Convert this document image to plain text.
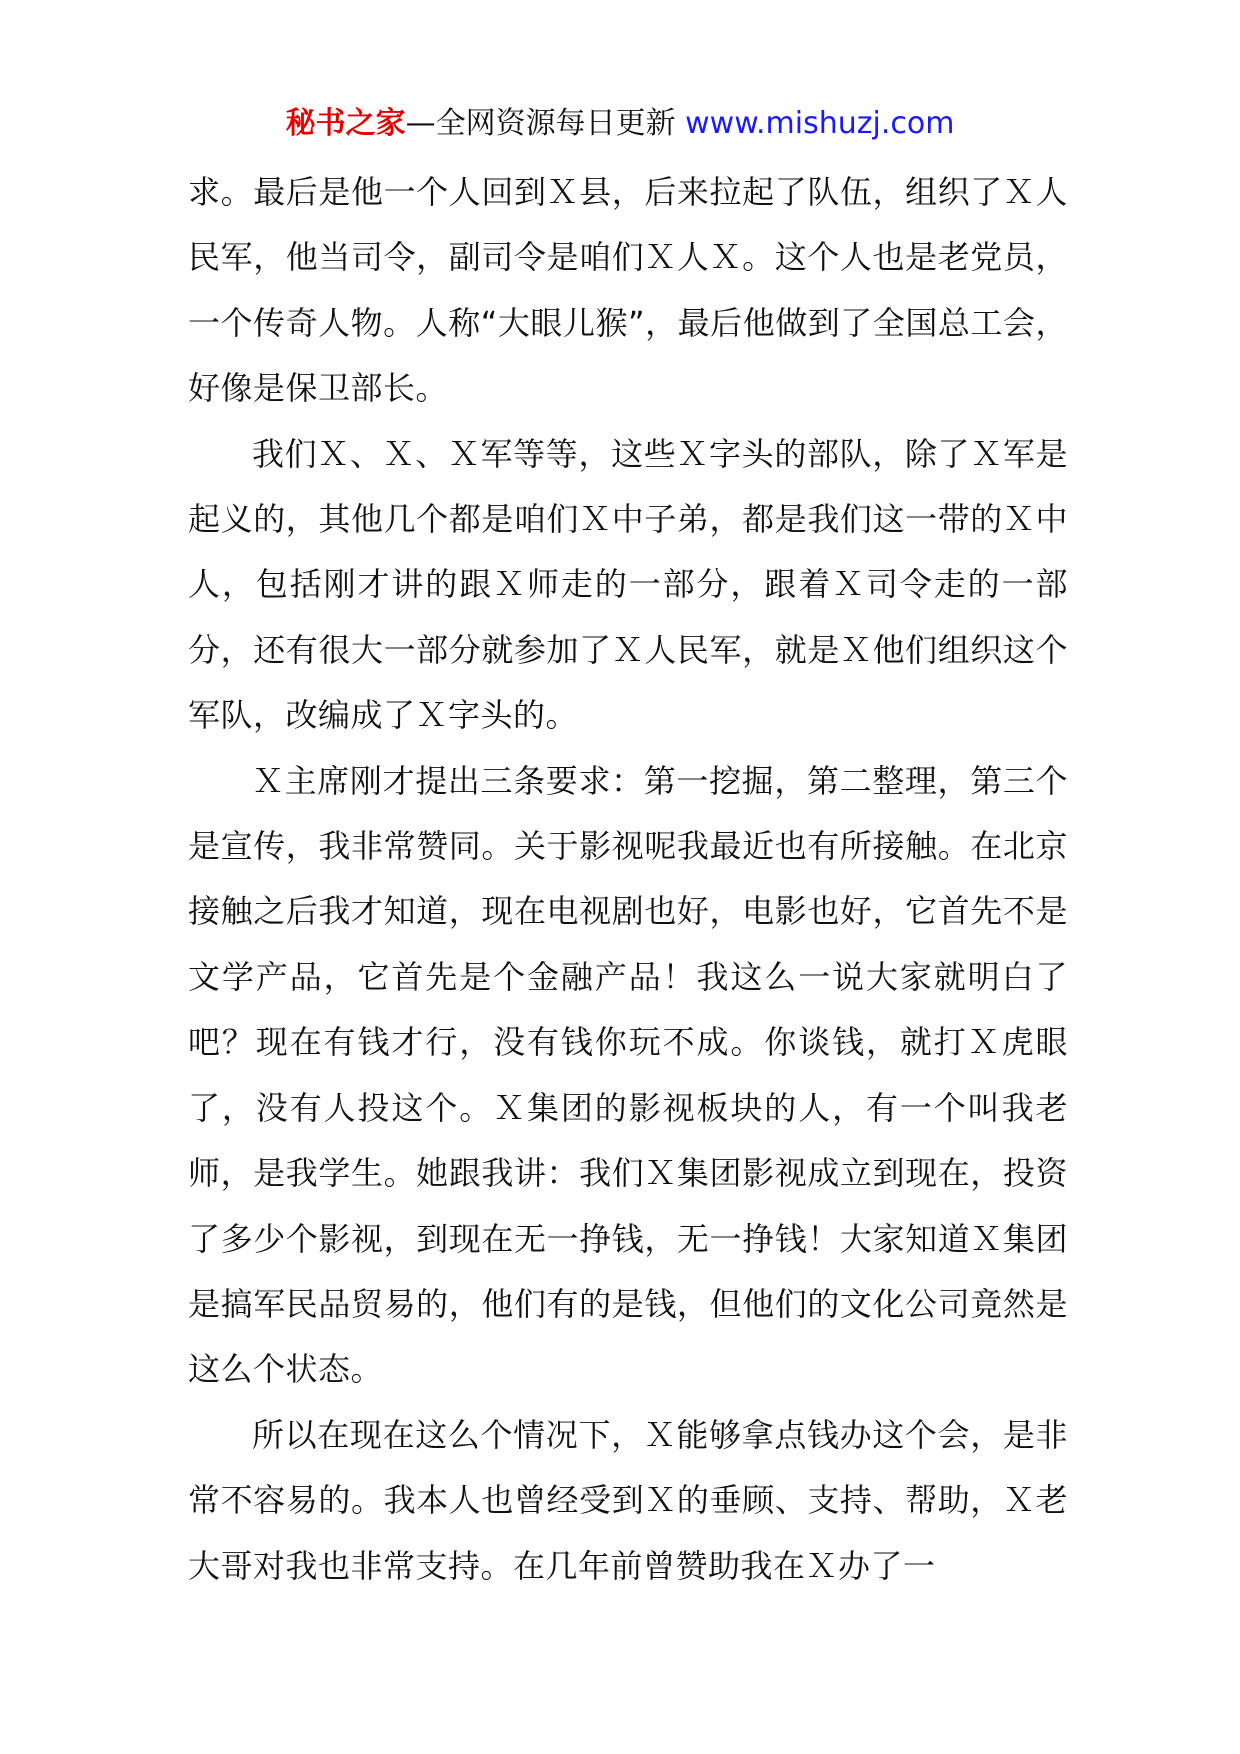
秘书之家—全网资源每日更新 www.mishuzj.com

求。最后是他一个人回到Ｘ县，后来拉起了队伍，组织了Ｘ人民军，他当司令，副司令是咱们Ｘ人Ｘ。这个人也是老党员，一个传奇人物。人称“大眼儿猴”，最后他做到了全国总工会，好像是保卫部长。

我们Ｘ、Ｘ、Ｘ军等等，这些Ｘ字头的部队，除了Ｘ军是起义的，其他几个都是咱们Ｘ中子弟，都是我们这一带的Ｘ中人，包括刚才讲的跟Ｘ师走的一部分，跟着Ｘ司令走的一部分，还有很大一部分就参加了Ｘ人民军，就是Ｘ他们组织这个军队，改编成了Ｘ字头的。

Ｘ主席刚才提出三条要求：第一挖掘，第二整理，第三个是宣传，我非常赞同。关于影视呢我最近也有所接触。在北京接触之后我才知道，现在电视剧也好，电影也好，它首先不是文学产品，它首先是个金融产品！我这么一说大家就明白了吧？现在有钱才行，没有钱你玩不成。你谈钱，就打Ｘ虎眼了，没有人投这个。Ｘ集团的影视板块的人，有一个叫我老师，是我学生。她跟我讲：我们Ｘ集团影视成立到现在，投资了多少个影视，到现在无一挣钱，无一挣钱！大家知道Ｘ集团是搞军民品贸易的，他们有的是钱，但他们的文化公司竟然是这么个状态。

所以在现在这么个情况下，Ｘ能够拿点钱办这个会，是非常不容易的。我本人也曾经受到Ｘ的垂顾、支持、帮助，Ｘ老大哥对我也非常支持。在几年前曾赞助我在Ｘ办了一
